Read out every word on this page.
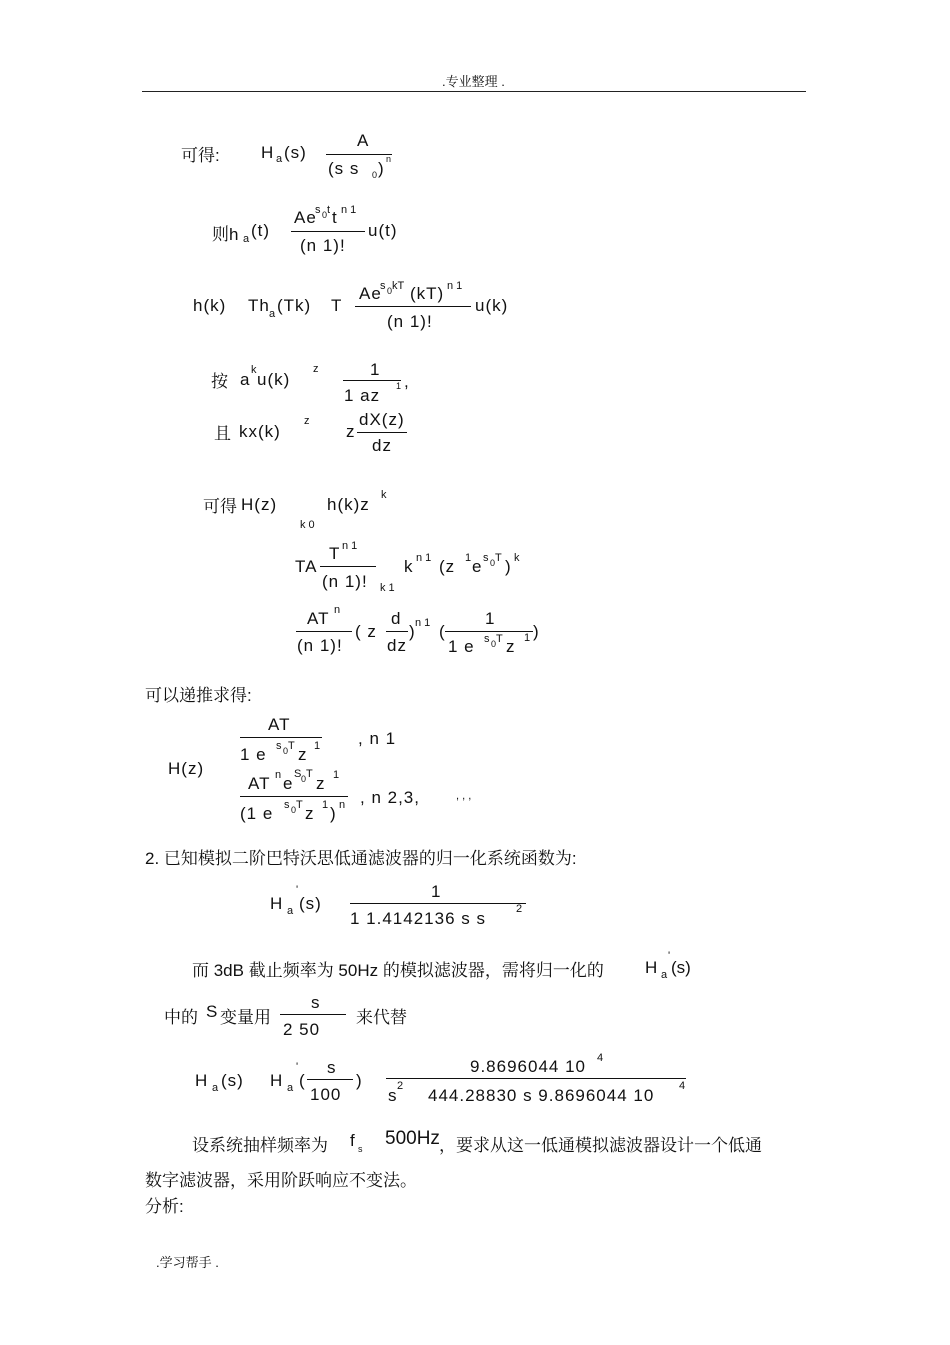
.专业整理 .
.学习帮手 .
可得: H a (s)
A
(s s 0 ) n
则h a (t)
Ae
s 0 t t n 1
(n 1)!
u(t)
h(k) Th a (Tk) T
Ae
s 0 kT (kT) n 1
(n 1)!
u(k)
按 a k u(k)
z	1
1 az 1 ,
且 kx(k)
z
z
dX(z)
dz
可得 H(z)	h(k)z k
k 0
TA
T n 1
(n 1)! k 1
k n 1 (z 1 e s 0 T ) k
AT n
(n 1)!
( z
d
dz
) n 1 (
1
1 e s 0 T z 1 )
可以递推求得:
H(z)
AT
1 e s 0 T z 1 , n 1
AT n e S 0 T z 1
(1 e s 0 T z 1 ) n , n 2,3,	, , ,
2. 已知模拟二阶巴特沃思低通滤波器的归一化系统函数为:
H a
'
(s)
1
1 1.4142136 s s	2
而 3dB 截止频率为 50Hz 的模拟滤波器，需将归一化的 H a
'
(s)
中的 S 变量用
s
2 50
来代替
H a (s) H a
'
(
s
100
)
9.8696044 10 4
s 2 444.28830 s 9.8696044 10 4
设系统抽样频率为 f s 500Hz ，要求从这一低通模拟滤波器设计一个低通
数字滤波器，采用阶跃响应不变法。
分析:
